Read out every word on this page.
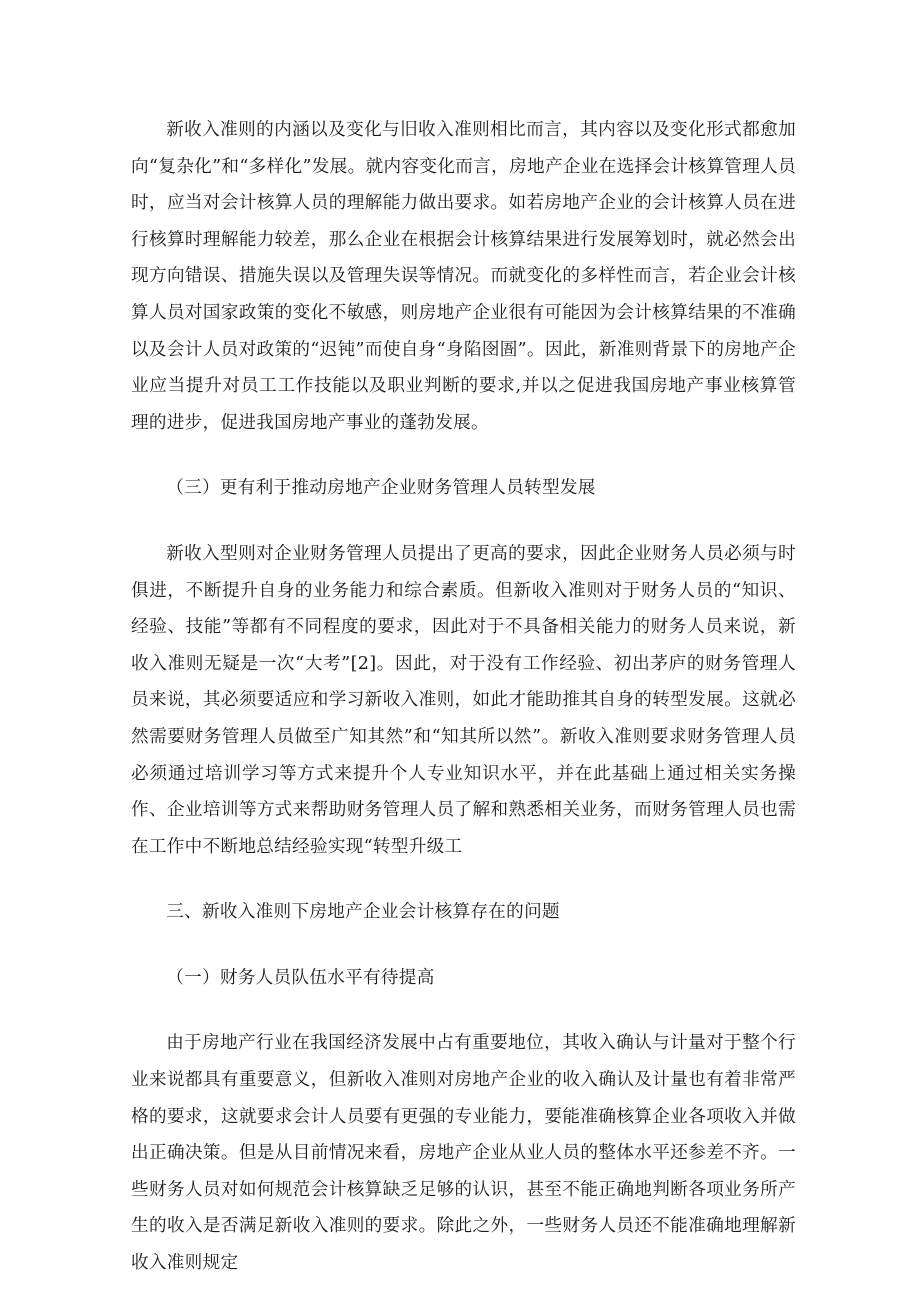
新收入准则的内涵以及变化与旧收入准则相比而言，其内容以及变化形式都愈加向“复杂化”和“多样化”发展。就内容变化而言，房地产企业在选择会计核算管理人员时，应当对会计核算人员的理解能力做出要求。如若房地产企业的会计核算人员在进行核算时理解能力较差，那么企业在根据会计核算结果进行发展筹划时，就必然会出现方向错误、措施失误以及管理失误等情况。而就变化的多样性而言，若企业会计核算人员对国家政策的变化不敏感，则房地产企业很有可能因为会计核算结果的不准确以及会计人员对政策的“迟钝”而使自身“身陷囹圄”。因此，新准则背景下的房地产企业应当提升对员工工作技能以及职业判断的要求,并以之促进我国房地产事业核算管理的进步，促进我国房地产事业的蓬勃发展。

（三）更有利于推动房地产企业财务管理人员转型发展

新收入型则对企业财务管理人员提出了更高的要求，因此企业财务人员必须与时俱进，不断提升自身的业务能力和综合素质。但新收入准则对于财务人员的“知识、经验、技能”等都有不同程度的要求，因此对于不具备相关能力的财务人员来说，新收入准则无疑是一次“大考”[2]。因此，对于没有工作经验、初出茅庐的财务管理人员来说，其必须要适应和学习新收入准则，如此才能助推其自身的转型发展。这就必然需要财务管理人员做至广知其然”和“知其所以然”。新收入准则要求财务管理人员必须通过培训学习等方式来提升个人专业知识水平，并在此基础上通过相关实务操作、企业培训等方式来帮助财务管理人员了解和熟悉相关业务，而财务管理人员也需在工作中不断地总结经验实现“转型升级工

三、新收入准则下房地产企业会计核算存在的问题

（一）财务人员队伍水平有待提高

由于房地产行业在我国经济发展中占有重要地位，其收入确认与计量对于整个行业来说都具有重要意义，但新收入准则对房地产企业的收入确认及计量也有着非常严格的要求，这就要求会计人员要有更强的专业能力，要能准确核算企业各项收入并做出正确决策。但是从目前情况来看，房地产企业从业人员的整体水平还参差不齐。一些财务人员对如何规范会计核算缺乏足够的认识，甚至不能正确地判断各项业务所产生的收入是否满足新收入准则的要求。除此之外，一些财务人员还不能准确地理解新收入准则规定
